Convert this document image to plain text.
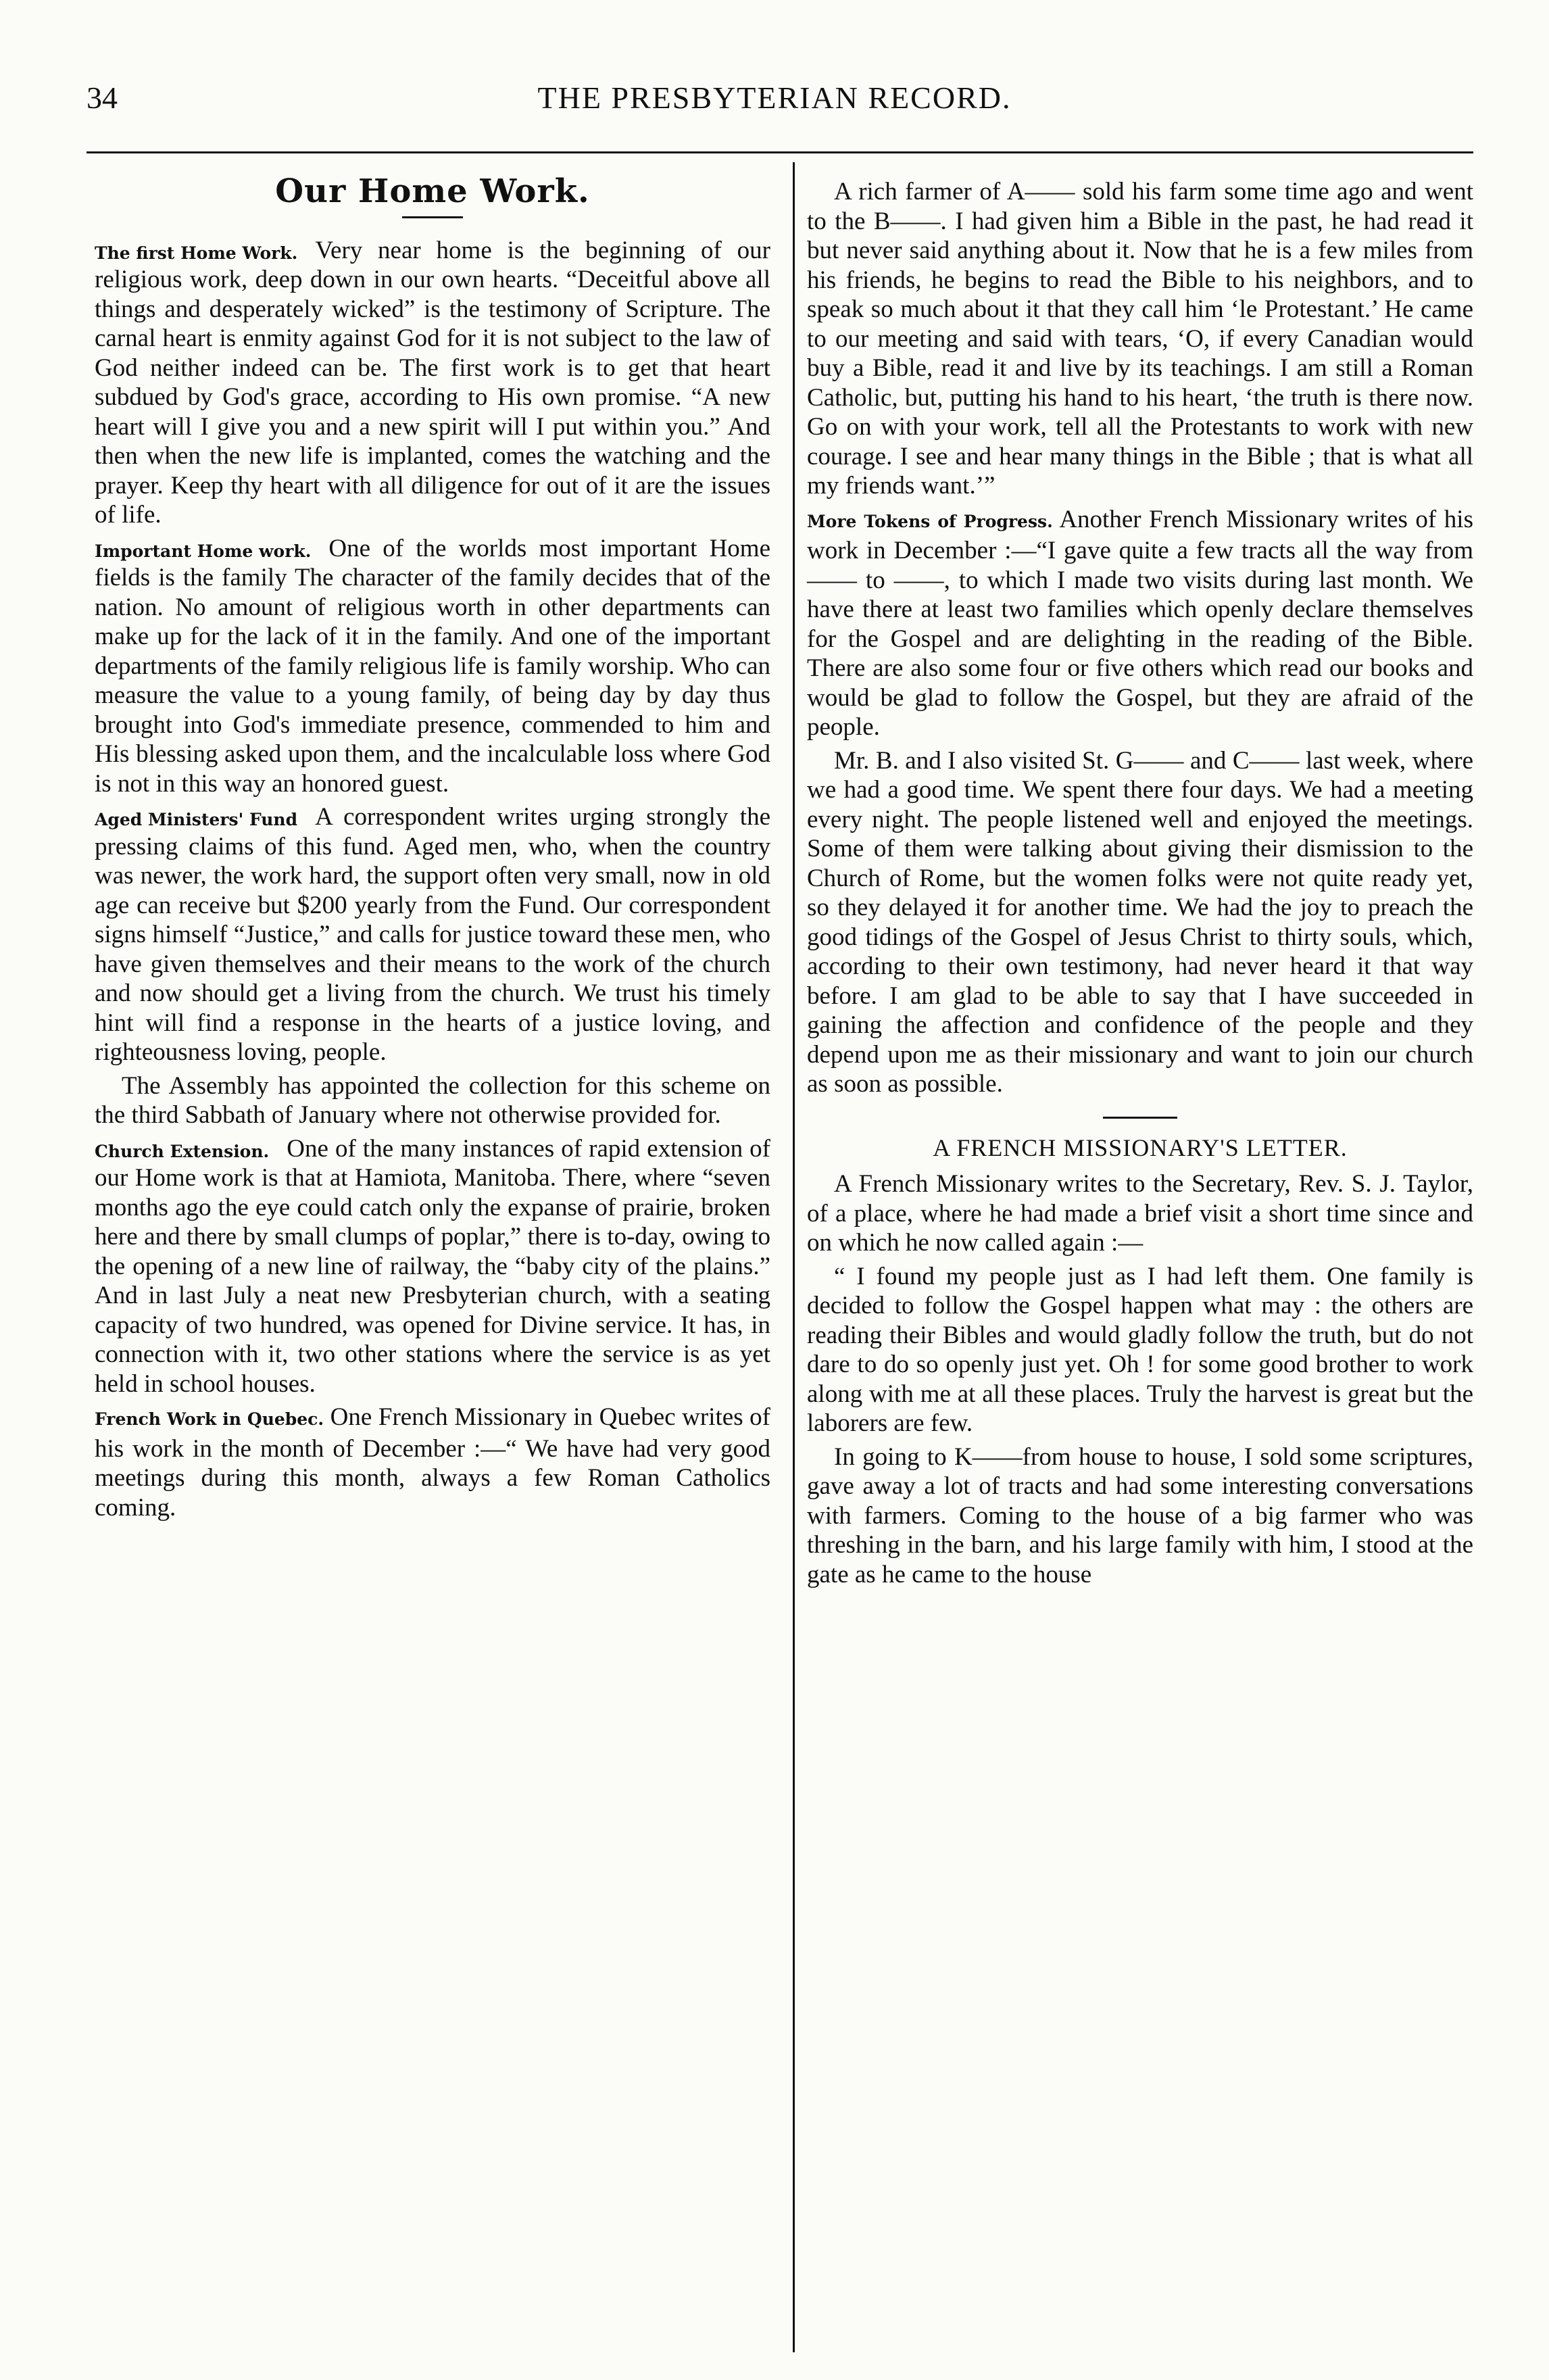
34	THE PRESBYTERIAN RECORD.
Our Home Work.

The first Home Work. Very near home is the beginning of our religious work, deep down in our own hearts. “Deceitful above all things and desperately wicked” is the testimony of Scripture. The carnal heart is enmity against God for it is not subject to the law of God neither indeed can be. The first work is to get that heart subdued by God's grace, according to His own promise. “A new heart will I give you and a new spirit will I put within you.” And then when the new life is implanted, comes the watching and the prayer. Keep thy heart with all diligence for out of it are the issues of life.

Important Home work. One of the worlds most important Home fields is the family The character of the family decides that of the nation. No amount of religious worth in other departments can make up for the lack of it in the family. And one of the important departments of the family religious life is family worship. Who can measure the value to a young family, of being day by day thus brought into God's immediate presence, commended to him and His blessing asked upon them, and the incalculable loss where God is not in this way an honored guest.

Aged Ministers' Fund A correspondent writes urging strongly the pressing claims of this fund. Aged men, who, when the country was newer, the work hard, the support often very small, now in old age can receive but $200 yearly from the Fund. Our correspondent signs himself “Justice,” and calls for justice toward these men, who have given themselves and their means to the work of the church and now should get a living from the church. We trust his timely hint will find a response in the hearts of a justice loving, and righteousness loving, people.

The Assembly has appointed the collection for this scheme on the third Sabbath of January where not otherwise provided for.

Church Extension. One of the many instances of rapid extension of our Home work is that at Hamiota, Manitoba. There, where “seven months ago the eye could catch only the expanse of prairie, broken here and there by small clumps of poplar,” there is to-day, owing to the opening of a new line of railway, the “baby city of the plains.” And in last July a neat new Presbyterian church, with a seating capacity of two hundred, was opened for Divine service. It has, in connection with it, two other stations where the service is as yet held in school houses.

French Work in Quebec. One French Missionary in Quebec writes of his work in the month of December :—“ We have had very good meetings during this month, always a few Roman Catholics coming.

A rich farmer of A—— sold his farm some time ago and went to the B——. I had given him a Bible in the past, he had read it but never said anything about it. Now that he is a few miles from his friends, he begins to read the Bible to his neighbors, and to speak so much about it that they call him ‘le Protestant.’ He came to our meeting and said with tears, ‘O, if every Canadian would buy a Bible, read it and live by its teachings. I am still a Roman Catholic, but, putting his hand to his heart, ‘the truth is there now. Go on with your work, tell all the Protestants to work with new courage. I see and hear many things in the Bible ; that is what all my friends want.’”

More Tokens of Progress. Another French Missionary writes of his work in December :—“I gave quite a few tracts all the way from —— to ——, to which I made two visits during last month. We have there at least two families which openly declare themselves for the Gospel and are delighting in the reading of the Bible. There are also some four or five others which read our books and would be glad to follow the Gospel, but they are afraid of the people.

Mr. B. and I also visited St. G—— and C—— last week, where we had a good time. We spent there four days. We had a meeting every night. The people listened well and enjoyed the meetings. Some of them were talking about giving their dismission to the Church of Rome, but the women folks were not quite ready yet, so they delayed it for another time. We had the joy to preach the good tidings of the Gospel of Jesus Christ to thirty souls, which, according to their own testimony, had never heard it that way before. I am glad to be able to say that I have succeeded in gaining the affection and confidence of the people and they depend upon me as their missionary and want to join our church as soon as possible.

A FRENCH MISSIONARY'S LETTER.

A French Missionary writes to the Secretary, Rev. S. J. Taylor, of a place, where he had made a brief visit a short time since and on which he now called again :—

“ I found my people just as I had left them. One family is decided to follow the Gospel happen what may : the others are reading their Bibles and would gladly follow the truth, but do not dare to do so openly just yet. Oh ! for some good brother to work along with me at all these places. Truly the harvest is great but the laborers are few.

In going to K——from house to house, I sold some scriptures, gave away a lot of tracts and had some interesting conversations with farmers. Coming to the house of a big farmer who was threshing in the barn, and his large family with him, I stood at the gate as he came to the house
